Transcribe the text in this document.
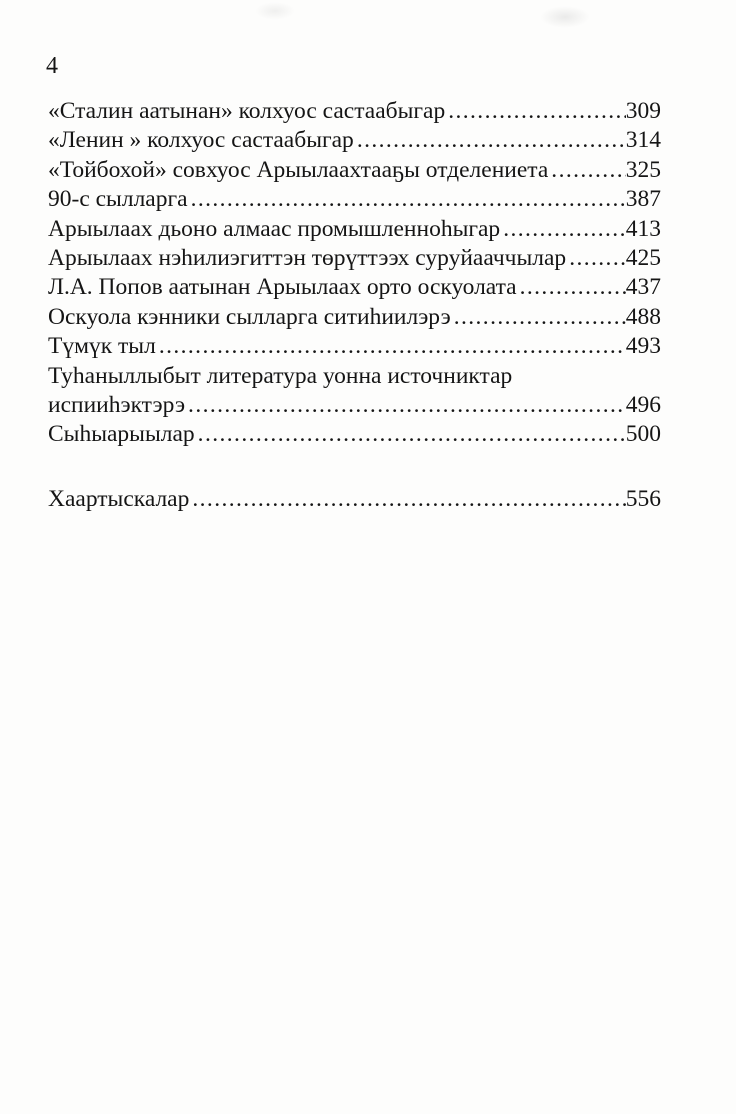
4
«Сталин аатынан» колхуос састаабыгар .....	309
«Ленин » колхуос састаабыгар .....	314
«Тойбохой» совхуос Арыылаахтааҕы отделениета .....	325
90-с сылларга .....	387
Арыылаах дьоно алмаас промышленноһыгар .....	413
Арыылаах нэһилиэгиттэн төрүттээх суруйааччылар .....	425
Л.А. Попов аатынан Арыылаах орто оскуолата .....	437
Оскуола кэнники сылларга ситиһиилэрэ .....	488
Түмүк тыл .....	493
Туһаныллыбыт литература уонна источниктар
испииһэктэрэ .....	496
Сыһыарыылар .....	500
Хаартыскалар .....	556
